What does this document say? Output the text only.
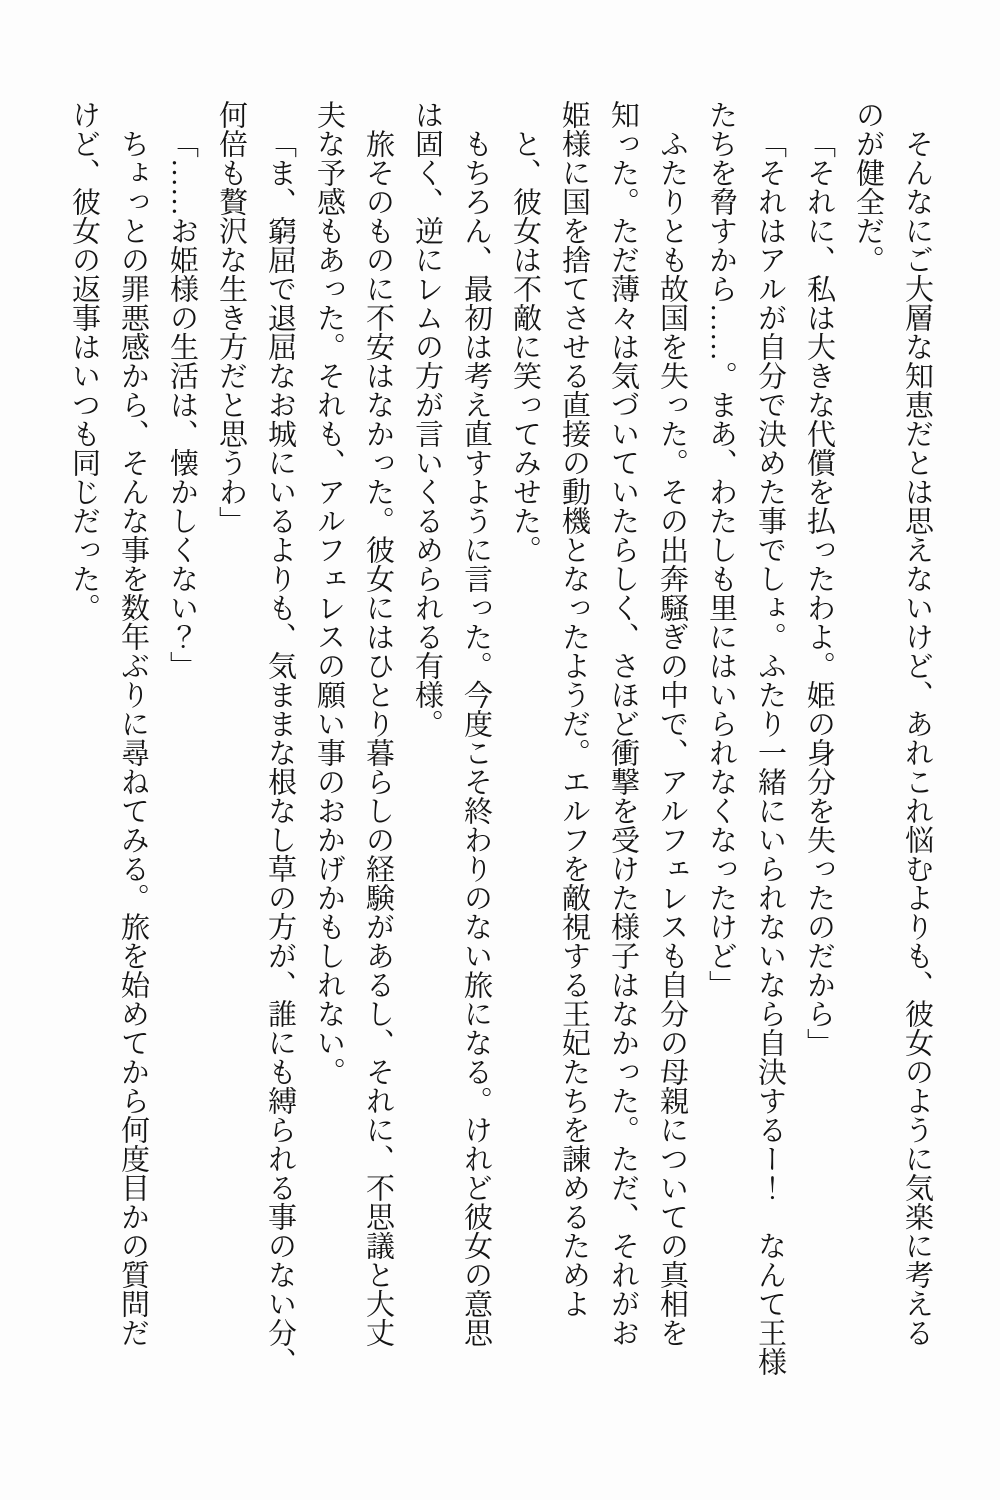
そんなにご大層な知恵だとは思えないけど、あれこれ悩むよりも、彼女のように気楽に考える
のが健全だ。
「それに、私は大きな代償を払ったわよ。姫の身分を失ったのだから」
「それはアルが自分で決めた事でしょ。ふたり一緒にいられないなら自決するー！　なんて王様
たちを脅すから……。まあ、わたしも里にはいられなくなったけど」
ふたりとも故国を失った。その出奔騒ぎの中で、アルフェレスも自分の母親についての真相を
知った。ただ薄々は気づいていたらしく、さほど衝撃を受けた様子はなかった。ただ、それがお
姫様に国を捨てさせる直接の動機となったようだ。エルフを敵視する王妃たちを諫めるためよ
と、彼女は不敵に笑ってみせた。
もちろん、最初は考え直すように言った。今度こそ終わりのない旅になる。けれど彼女の意思
は固く、逆にレムの方が言いくるめられる有様。
旅そのものに不安はなかった。彼女にはひとり暮らしの経験があるし、それに、不思議と大丈
夫な予感もあった。それも、アルフェレスの願い事のおかげかもしれない。
「ま、窮屈で退屈なお城にいるよりも、気ままな根なし草の方が、誰にも縛られる事のない分、
何倍も贅沢な生き方だと思うわ」
「……お姫様の生活は、懐かしくない？」
ちょっとの罪悪感から、そんな事を数年ぶりに尋ねてみる。旅を始めてから何度目かの質問だ
けど、彼女の返事はいつも同じだった。
